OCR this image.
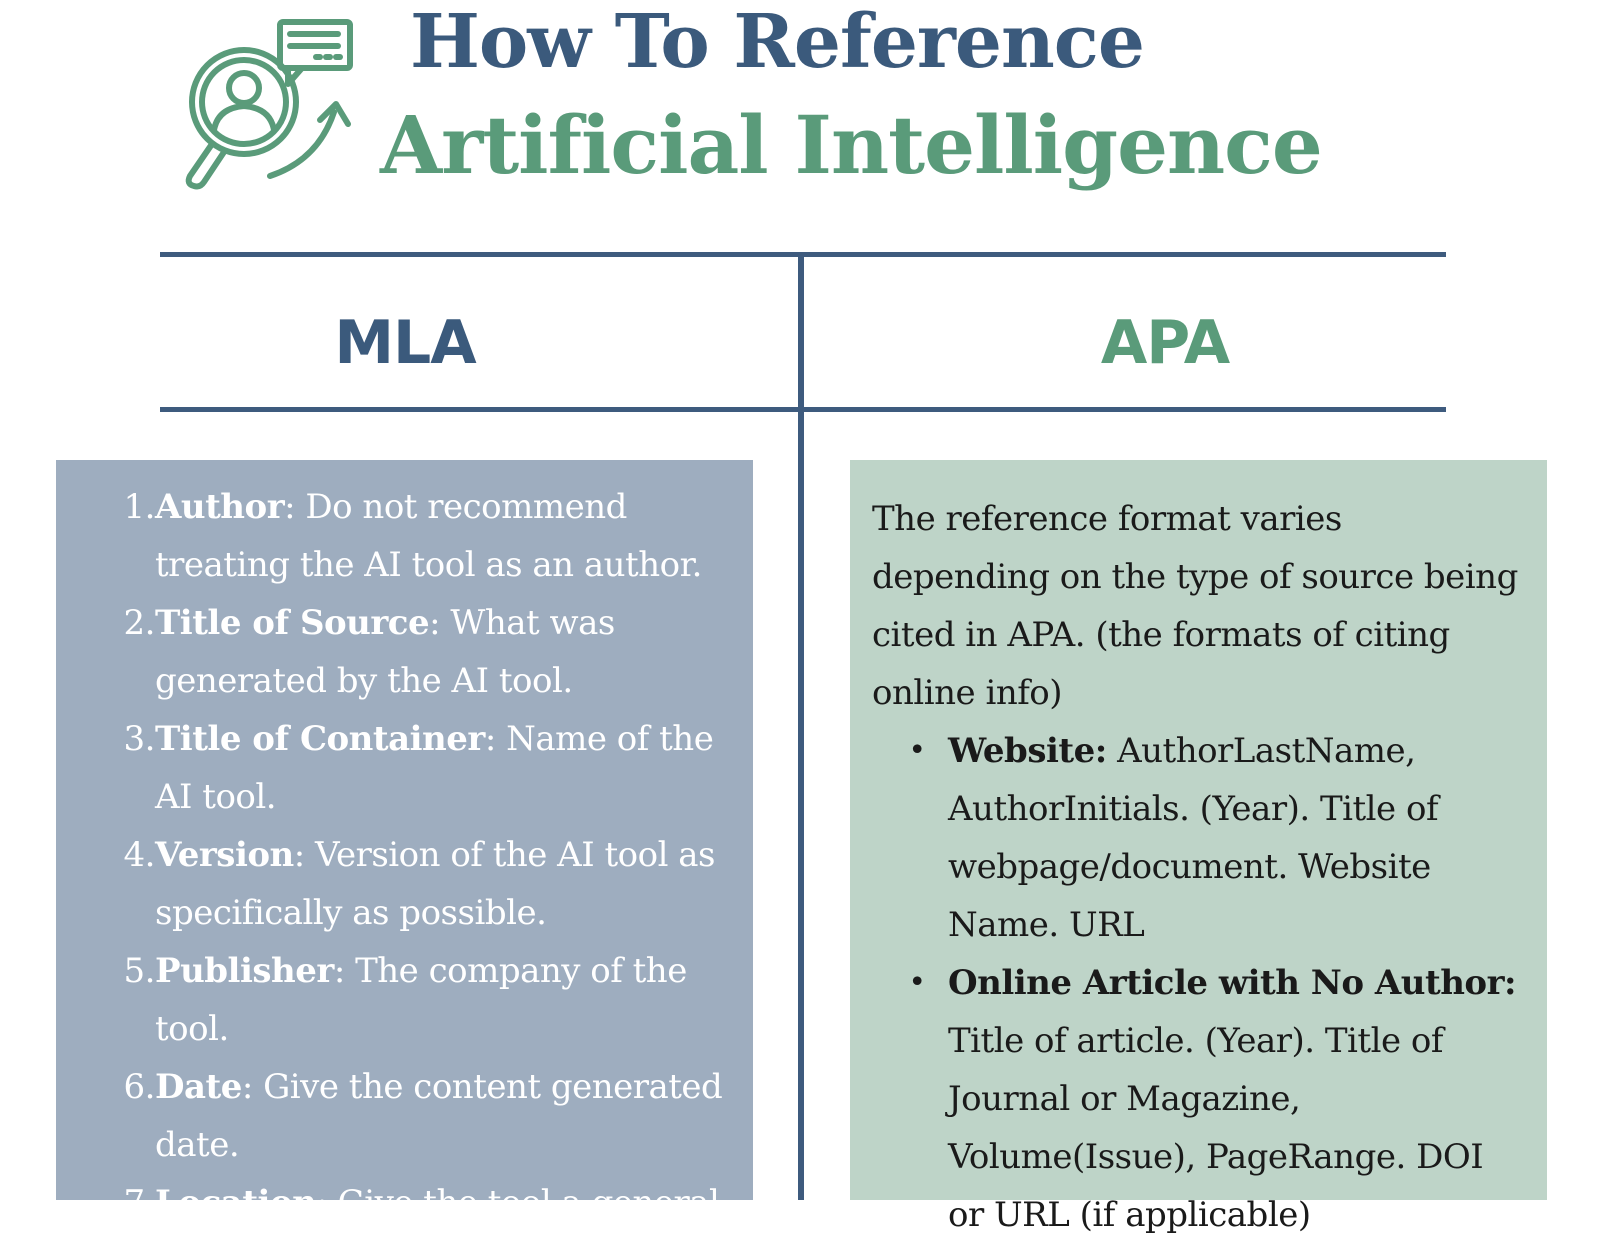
How To Reference
Artificial Intelligence
MLA	APA
1. Author: Do not recommend treating the AI tool as an author.
2. Title of Source: What was generated by the AI tool.
3. Title of Container: Name of the AI tool.
4. Version: Version of the AI tool as specifically as possible.
5. Publisher: The company of the tool.
6. Date: Give the content generated date.
7. Location: Give the tool a general

The reference format varies depending on the type of source being cited in APA. (the formats of citing online info)

• Website: AuthorLastName, AuthorInitials. (Year). Title of webpage/document. Website Name. URL
• Online Article with No Author: Title of article. (Year). Title of Journal or Magazine, Volume(Issue), PageRange. DOI or URL (if applicable)
